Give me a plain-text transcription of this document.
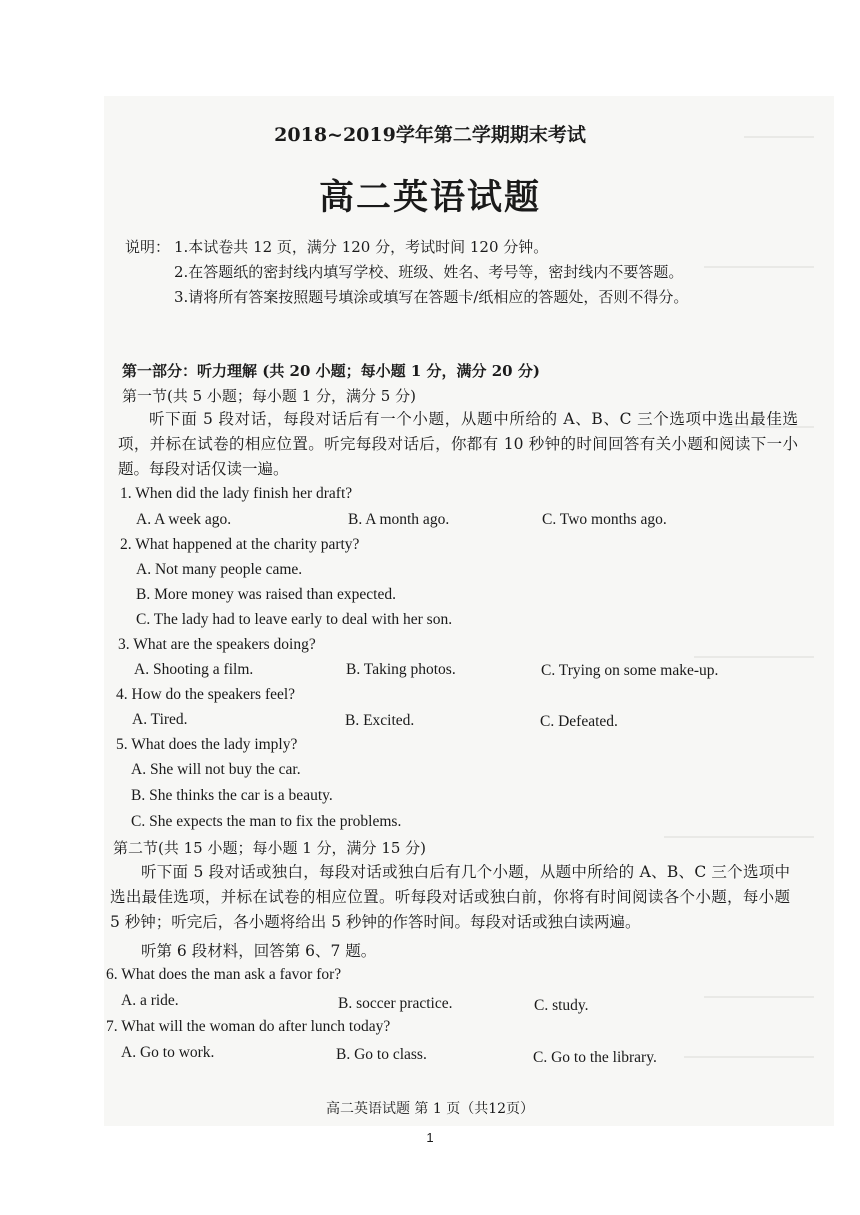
2018~2019学年第二学期期末考试
高二英语试题
说明： 1.本试卷共 12 页，满分 120 分，考试时间 120 分钟。
2.在答题纸的密封线内填写学校、班级、姓名、考号等，密封线内不要答题。
3.请将所有答案按照题号填涂或填写在答题卡/纸相应的答题处，否则不得分。
第一部分：听力理解 (共 20 小题；每小题 1 分，满分 20 分)
第一节(共 5 小题；每小题 1 分，满分 5 分)
听下面 5 段对话，每段对话后有一个小题，从题中所给的 A、B、C 三个选项中选出最佳选项，并标在试卷的相应位置。听完每段对话后，你都有 10 秒钟的时间回答有关小题和阅读下一小题。每段对话仅读一遍。
1. When did the lady finish her draft?
A. A week ago.	B. A month ago.	C. Two months ago.
2. What happened at the charity party?
A. Not many people came.
B. More money was raised than expected.
C. The lady had to leave early to deal with her son.
3. What are the speakers doing?
A. Shooting a film.	B. Taking photos.	C. Trying on some make-up.
4. How do the speakers feel?
A. Tired.	B. Excited.	C. Defeated.
5. What does the lady imply?
A. She will not buy the car.
B. She thinks the car is a beauty.
C. She expects the man to fix the problems.
第二节(共 15 小题；每小题 1 分，满分 15 分)
听下面 5 段对话或独白，每段对话或独白后有几个小题，从题中所给的 A、B、C 三个选项中选出最佳选项，并标在试卷的相应位置。听每段对话或独白前，你将有时间阅读各个小题，每小题 5 秒钟；听完后，各小题将给出 5 秒钟的作答时间。每段对话或独白读两遍。
听第 6 段材料，回答第 6、7 题。
6. What does the man ask a favor for?
A. a ride.	B. soccer practice.	C. study.
7. What will the woman do after lunch today?
A. Go to work.	B. Go to class.	C. Go to the library.
高二英语试题 第 1 页（共12页）
1
